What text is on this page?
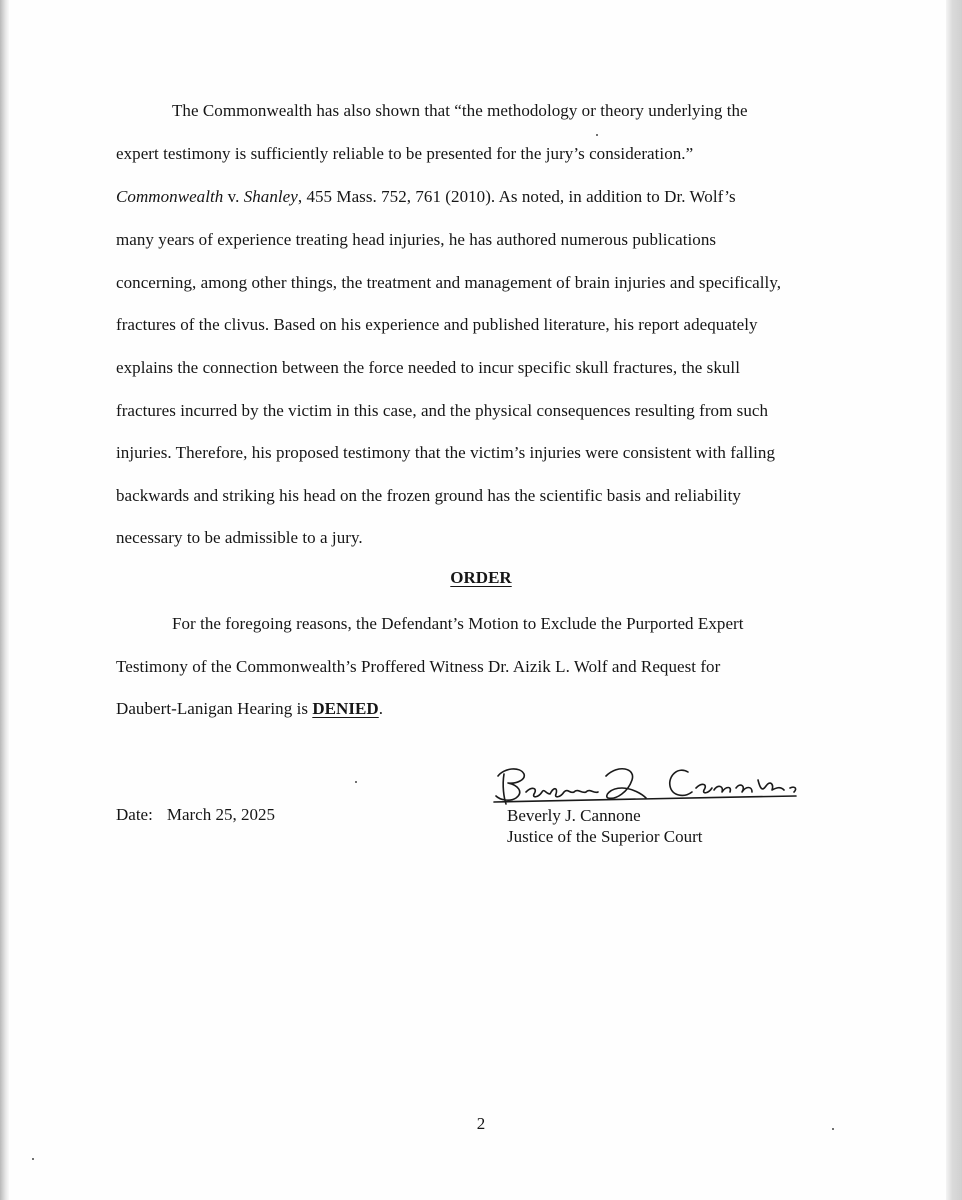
The Commonwealth has also shown that “the methodology or theory underlying the
expert testimony is sufficiently reliable to be presented for the jury’s consideration.”
Commonwealth v. Shanley, 455 Mass. 752, 761 (2010). As noted, in addition to Dr. Wolf’s
many years of experience treating head injuries, he has authored numerous publications
concerning, among other things, the treatment and management of brain injuries and specifically,
fractures of the clivus. Based on his experience and published literature, his report adequately
explains the connection between the force needed to incur specific skull fractures, the skull
fractures incurred by the victim in this case, and the physical consequences resulting from such
injuries. Therefore, his proposed testimony that the victim’s injuries were consistent with falling
backwards and striking his head on the frozen ground has the scientific basis and reliability
necessary to be admissible to a jury.
ORDER
For the foregoing reasons, the Defendant’s Motion to Exclude the Purported Expert
Testimony of the Commonwealth’s Proffered Witness Dr. Aizik L. Wolf and Request for
Daubert-Lanigan Hearing is DENIED.
Date: March 25, 2025	Beverly J. Cannone
Justice of the Superior Court
2
